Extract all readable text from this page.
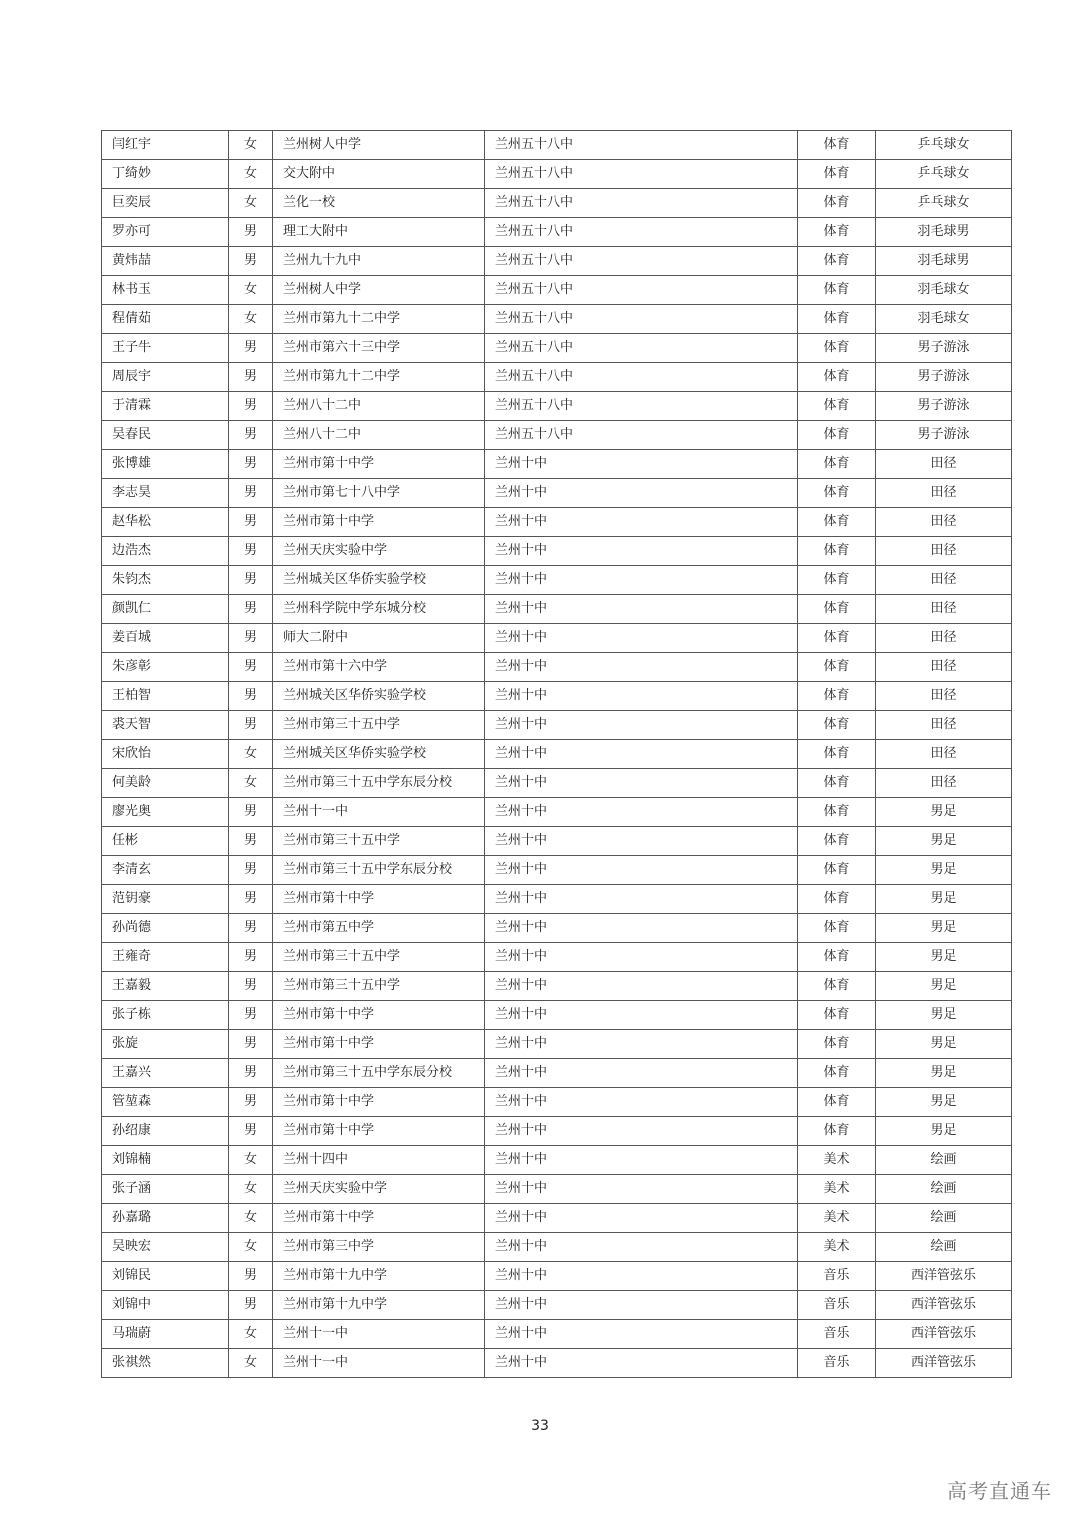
闫红宇	女	兰州树人中学	兰州五十八中	体育	乒乓球女
丁绮妙	女	交大附中	兰州五十八中	体育	乒乓球女
巨奕辰	女	兰化一校	兰州五十八中	体育	乒乓球女
罗亦可	男	理工大附中	兰州五十八中	体育	羽毛球男
黄炜喆	男	兰州九十九中	兰州五十八中	体育	羽毛球男
林书玉	女	兰州树人中学	兰州五十八中	体育	羽毛球女
程倩茹	女	兰州市第九十二中学	兰州五十八中	体育	羽毛球女
王子牛	男	兰州市第六十三中学	兰州五十八中	体育	男子游泳
周辰宇	男	兰州市第九十二中学	兰州五十八中	体育	男子游泳
于清霖	男	兰州八十二中	兰州五十八中	体育	男子游泳
吴春民	男	兰州八十二中	兰州五十八中	体育	男子游泳
张博雄	男	兰州市第十中学	兰州十中	体育	田径
李志昊	男	兰州市第七十八中学	兰州十中	体育	田径
赵华松	男	兰州市第十中学	兰州十中	体育	田径
边浩杰	男	兰州天庆实验中学	兰州十中	体育	田径
朱钧杰	男	兰州城关区华侨实验学校	兰州十中	体育	田径
颜凯仁	男	兰州科学院中学东城分校	兰州十中	体育	田径
姜百城	男	师大二附中	兰州十中	体育	田径
朱彦彰	男	兰州市第十六中学	兰州十中	体育	田径
王柏智	男	兰州城关区华侨实验学校	兰州十中	体育	田径
裘天智	男	兰州市第三十五中学	兰州十中	体育	田径
宋欣怡	女	兰州城关区华侨实验学校	兰州十中	体育	田径
何美龄	女	兰州市第三十五中学东辰分校	兰州十中	体育	田径
廖光奥	男	兰州十一中	兰州十中	体育	男足
任彬	男	兰州市第三十五中学	兰州十中	体育	男足
李清玄	男	兰州市第三十五中学东辰分校	兰州十中	体育	男足
范钥豪	男	兰州市第十中学	兰州十中	体育	男足
孙尚德	男	兰州市第五中学	兰州十中	体育	男足
王雍奇	男	兰州市第三十五中学	兰州十中	体育	男足
王嘉毅	男	兰州市第三十五中学	兰州十中	体育	男足
张子栋	男	兰州市第十中学	兰州十中	体育	男足
张旋	男	兰州市第十中学	兰州十中	体育	男足
王嘉兴	男	兰州市第三十五中学东辰分校	兰州十中	体育	男足
管堃森	男	兰州市第十中学	兰州十中	体育	男足
孙绍康	男	兰州市第十中学	兰州十中	体育	男足
刘锦楠	女	兰州十四中	兰州十中	美术	绘画
张子涵	女	兰州天庆实验中学	兰州十中	美术	绘画
孙嘉璐	女	兰州市第十中学	兰州十中	美术	绘画
吴映宏	女	兰州市第三中学	兰州十中	美术	绘画
刘锦民	男	兰州市第十九中学	兰州十中	音乐	西洋管弦乐
刘锦中	男	兰州市第十九中学	兰州十中	音乐	西洋管弦乐
马瑞蔚	女	兰州十一中	兰州十中	音乐	西洋管弦乐
张祺然	女	兰州十一中	兰州十中	音乐	西洋管弦乐
33
高考直通车
